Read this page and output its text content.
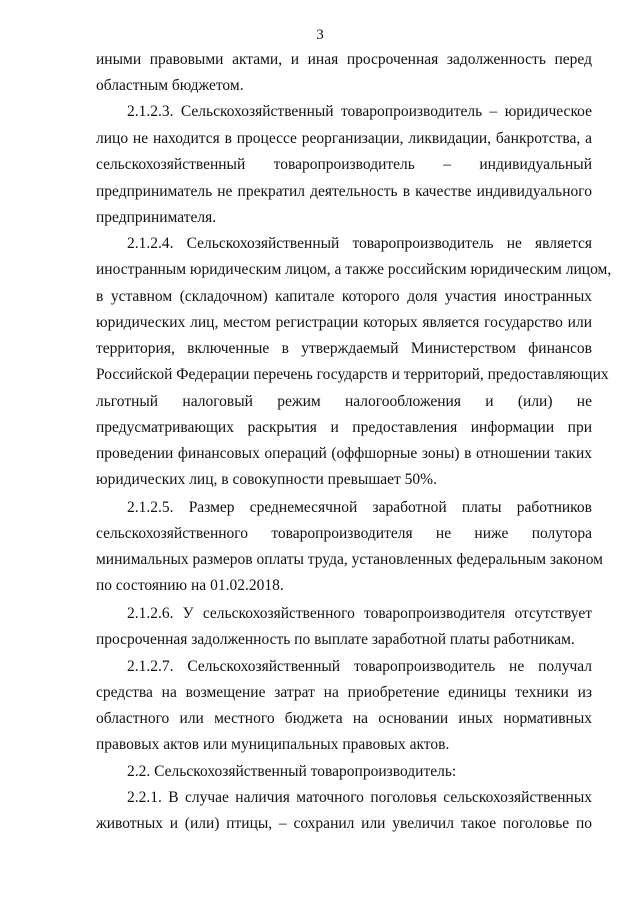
3
иными правовыми актами, и иная просроченная задолженность перед
областным бюджетом.
2.1.2.3. Сельскохозяйственный товаропроизводитель – юридическое
лицо не находится в процессе реорганизации, ликвидации, банкротства, а
сельскохозяйственный товаропроизводитель – индивидуальный
предприниматель не прекратил деятельность в качестве индивидуального
предпринимателя.
2.1.2.4. Сельскохозяйственный товаропроизводитель не является
иностранным юридическим лицом, а также российским юридическим лицом,
в уставном (складочном) капитале которого доля участия иностранных
юридических лиц, местом регистрации которых является государство или
территория, включенные в утверждаемый Министерством финансов
Российской Федерации перечень государств и территорий, предоставляющих
льготный налоговый режим налогообложения и (или) не
предусматривающих раскрытия и предоставления информации при
проведении финансовых операций (оффшорные зоны) в отношении таких
юридических лиц, в совокупности превышает 50%.
2.1.2.5. Размер среднемесячной заработной платы работников
сельскохозяйственного товаропроизводителя не ниже полутора
минимальных размеров оплаты труда, установленных федеральным законом
по состоянию на 01.02.2018.
2.1.2.6. У сельскохозяйственного товаропроизводителя отсутствует
просроченная задолженность по выплате заработной платы работникам.
2.1.2.7. Сельскохозяйственный товаропроизводитель не получал
средства на возмещение затрат на приобретение единицы техники из
областного или местного бюджета на основании иных нормативных
правовых актов или муниципальных правовых актов.
2.2. Сельскохозяйственный товаропроизводитель:
2.2.1. В случае наличия маточного поголовья сельскохозяйственных
животных и (или) птицы, – сохранил или увеличил такое поголовье по
